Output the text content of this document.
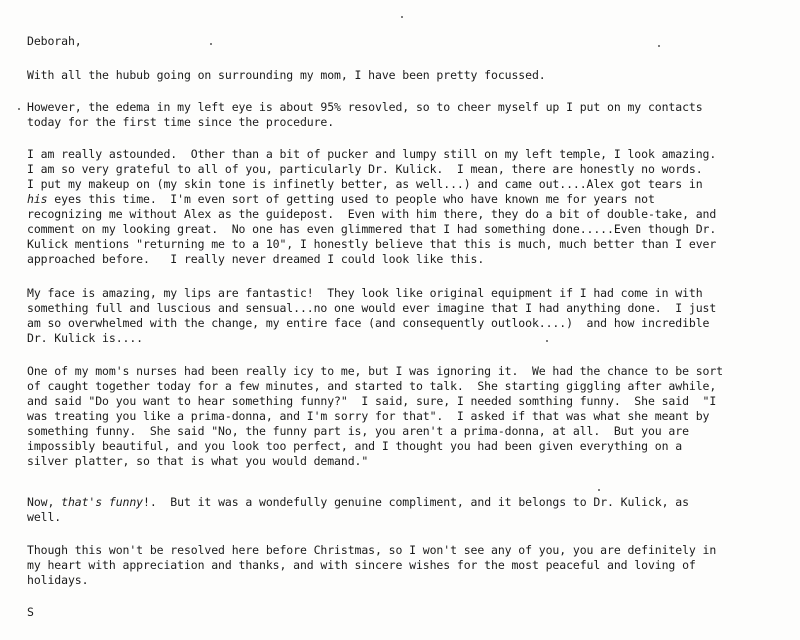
Deborah,

With all the hubub going on surrounding my mom, I have been pretty focussed.

However, the edema in my left eye is about 95% resovled, so to cheer myself up I put on my contacts

today for the first time since the procedure.

I am really astounded.  Other than a bit of pucker and lumpy still on my left temple, I look amazing.

I am so very grateful to all of you, particularly Dr. Kulick.  I mean, there are honestly no words.

I put my makeup on (my skin tone is infinetly better, as well...) and came out....Alex got tears in

his eyes this time.  I'm even sort of getting used to people who have known me for years not

recognizing me without Alex as the guidepost.  Even with him there, they do a bit of double-take, and

comment on my looking great.  No one has even glimmered that I had something done.....Even though Dr.

Kulick mentions "returning me to a 10", I honestly believe that this is much, much better than I ever

approached before.   I really never dreamed I could look like this.

My face is amazing, my lips are fantastic!  They look like original equipment if I had come in with

something full and luscious and sensual...no one would ever imagine that I had anything done.  I just

am so overwhelmed with the change, my entire face (and consequently outlook....)  and how incredible

Dr. Kulick is....

One of my mom's nurses had been really icy to me, but I was ignoring it.  We had the chance to be sort

of caught together today for a few minutes, and started to talk.  She starting giggling after awhile,

and said "Do you want to hear something funny?"  I said, sure, I needed somthing funny.  She said  "I

was treating you like a prima-donna, and I'm sorry for that".  I asked if that was what she meant by

something funny.  She said "No, the funny part is, you aren't a prima-donna, at all.  But you are

impossibly beautiful, and you look too perfect, and I thought you had been given everything on a

silver platter, so that is what you would demand."

Now, that's funny!.  But it was a wondefully genuine compliment, and it belongs to Dr. Kulick, as

well.

Though this won't be resolved here before Christmas, so I won't see any of you, you are definitely in

my heart with appreciation and thanks, and with sincere wishes for the most peaceful and loving of

holidays.

S
